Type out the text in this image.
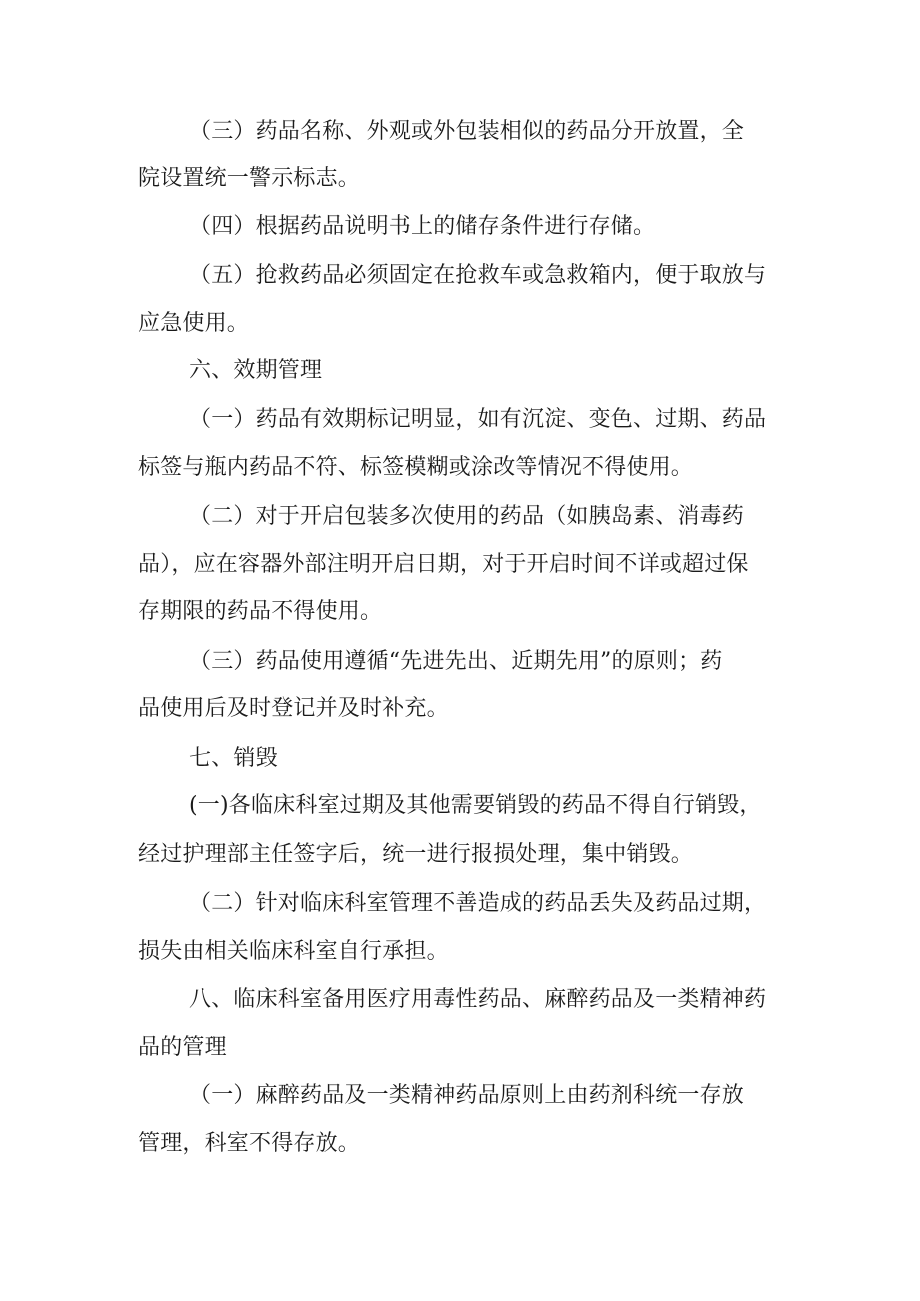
（三）药品名称、外观或外包装相似的药品分开放置，全
院设置统一警示标志。
（四）根据药品说明书上的储存条件进行存储。
（五）抢救药品必须固定在抢救车或急救箱内，便于取放与
应急使用。
六、效期管理
（一）药品有效期标记明显，如有沉淀、变色、过期、药品
标签与瓶内药品不符、标签模糊或涂改等情况不得使用。
（二）对于开启包装多次使用的药品（如胰岛素、消毒药
品），应在容器外部注明开启日期，对于开启时间不详或超过保
存期限的药品不得使用。
（三）药品使用遵循“先进先出、近期先用”的原则；药
品使用后及时登记并及时补充。
七、销毁
(一)各临床科室过期及其他需要销毁的药品不得自行销毁，
经过护理部主任签字后，统一进行报损处理，集中销毁。
（二）针对临床科室管理不善造成的药品丢失及药品过期，
损失由相关临床科室自行承担。
八、临床科室备用医疗用毒性药品、麻醉药品及一类精神药
品的管理
（一）麻醉药品及一类精神药品原则上由药剂科统一存放
管理，科室不得存放。
